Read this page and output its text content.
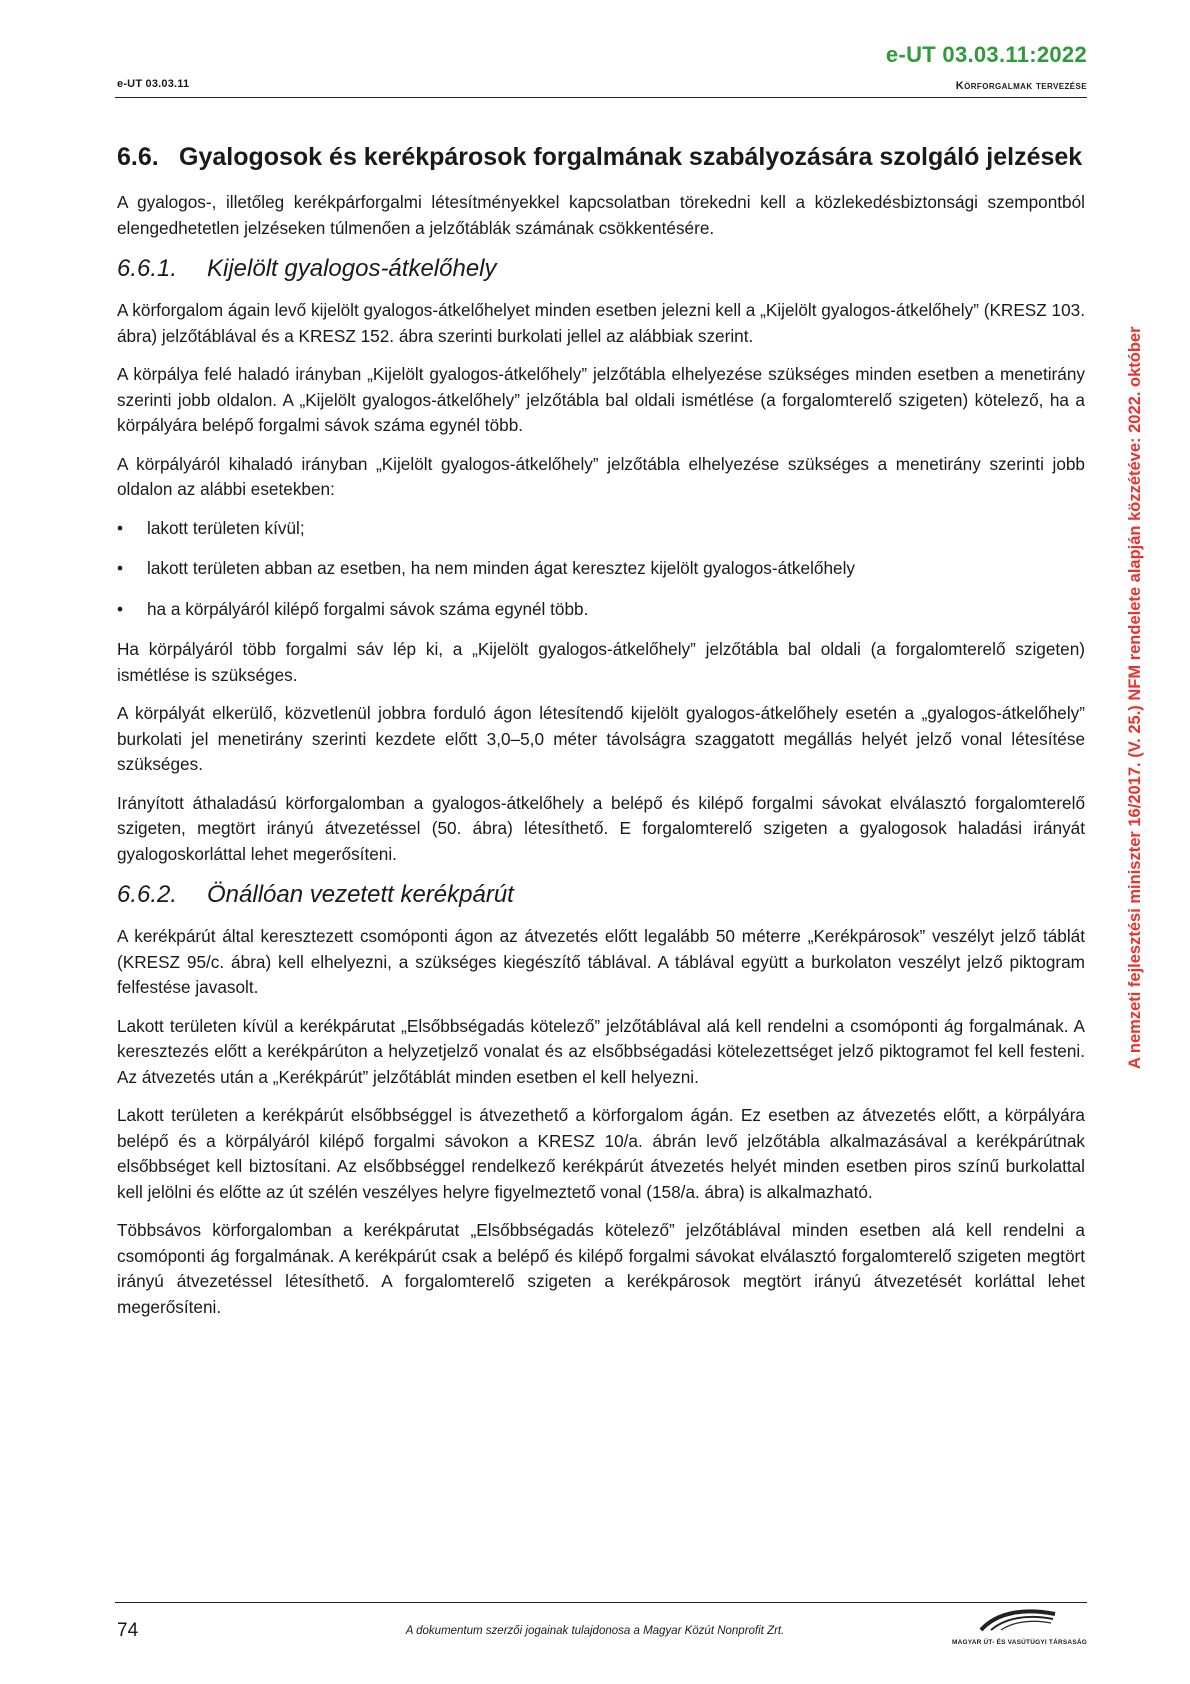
e-UT 03.03.11:2022
e-UT 03.03.11	Körforgalmak tervezése
A nemzeti fejlesztési miniszter 16/2017. (V. 25.) NFM rendelete alapján közzétéve: 2022. október
6.6. Gyalogosok és kerékpárosok forgalmának szabályozására szolgáló jelzések

A gyalogos-, illetőleg kerékpárforgalmi létesítményekkel kapcsolatban törekedni kell a közlekedésbiztonsági szempontból elengedhetetlen jelzéseken túlmenően a jelzőtáblák számának csökkentésére.

6.6.1. Kijelölt gyalogos-átkelőhely

A körforgalom ágain levő kijelölt gyalogos-átkelőhelyet minden esetben jelezni kell a „Kijelölt gyalogos-átkelőhely” (KRESZ 103. ábra) jelzőtáblával és a KRESZ 152. ábra szerinti burkolati jellel az alábbiak szerint.

A körpálya felé haladó irányban „Kijelölt gyalogos-átkelőhely” jelzőtábla elhelyezése szükséges minden esetben a menetirány szerinti jobb oldalon. A „Kijelölt gyalogos-átkelőhely” jelzőtábla bal oldali ismétlése (a forgalomterelő szigeten) kötelező, ha a körpályára belépő forgalmi sávok száma egynél több.

A körpályáról kihaladó irányban „Kijelölt gyalogos-átkelőhely” jelzőtábla elhelyezése szükséges a menetirány szerinti jobb oldalon az alábbi esetekben:

• lakott területen kívül;
• lakott területen abban az esetben, ha nem minden ágat keresztez kijelölt gyalogos-átkelőhely
• ha a körpályáról kilépő forgalmi sávok száma egynél több.

Ha körpályáról több forgalmi sáv lép ki, a „Kijelölt gyalogos-átkelőhely” jelzőtábla bal oldali (a forgalomterelő szigeten) ismétlése is szükséges.

A körpályát elkerülő, közvetlenül jobbra forduló ágon létesítendő kijelölt gyalogos-átkelőhely esetén a „gyalogos-átkelőhely” burkolati jel menetirány szerinti kezdete előtt 3,0–5,0 méter távolságra szaggatott megállás helyét jelző vonal létesítése szükséges.

Irányított áthaladású körforgalomban a gyalogos-átkelőhely a belépő és kilépő forgalmi sávokat elválasztó forgalomterelő szigeten, megtört irányú átvezetéssel (50. ábra) létesíthető. E forgalomterelő szigeten a gyalogosok haladási irányát gyalogoskorláttal lehet megerősíteni.

6.6.2. Önállóan vezetett kerékpárút

A kerékpárút által keresztezett csomóponti ágon az átvezetés előtt legalább 50 méterre „Kerékpárosok” veszélyt jelző táblát (KRESZ 95/c. ábra) kell elhelyezni, a szükséges kiegészítő táblával. A táblával együtt a burkolaton veszélyt jelző piktogram felfestése javasolt.

Lakott területen kívül a kerékpárutat „Elsőbbségadás kötelező” jelzőtáblával alá kell rendelni a csomóponti ág forgalmának. A keresztezés előtt a kerékpárúton a helyzetjelző vonalat és az elsőbbségadási kötelezettséget jelző piktogramot fel kell festeni. Az átvezetés után a „Kerékpárút” jelzőtáblát minden esetben el kell helyezni.

Lakott területen a kerékpárút elsőbbséggel is átvezethető a körforgalom ágán. Ez esetben az átvezetés előtt, a körpályára belépő és a körpályáról kilépő forgalmi sávokon a KRESZ 10/a. ábrán levő jelzőtábla alkalmazásával a kerékpárútnak elsőbbséget kell biztosítani. Az elsőbbséggel rendelkező kerékpárút átvezetés helyét minden esetben piros színű burkolattal kell jelölni és előtte az út szélén veszélyes helyre figyelmeztető vonal (158/a. ábra) is alkalmazható.

Többsávos körforgalomban a kerékpárutat „Elsőbbségadás kötelező” jelzőtáblával minden esetben alá kell rendelni a csomóponti ág forgalmának. A kerékpárút csak a belépő és kilépő forgalmi sávokat elválasztó forgalomterelő szigeten megtört irányú átvezetéssel létesíthető. A forgalomterelő szigeten a kerékpárosok megtört irányú átvezetését korláttal lehet megerősíteni.

74	A dokumentum szerzői jogainak tulajdonosa a Magyar Közút Nonprofit Zrt.
MAGYAR ÚT- ÉS VASÚTÜGYI TÁRSASÁG
